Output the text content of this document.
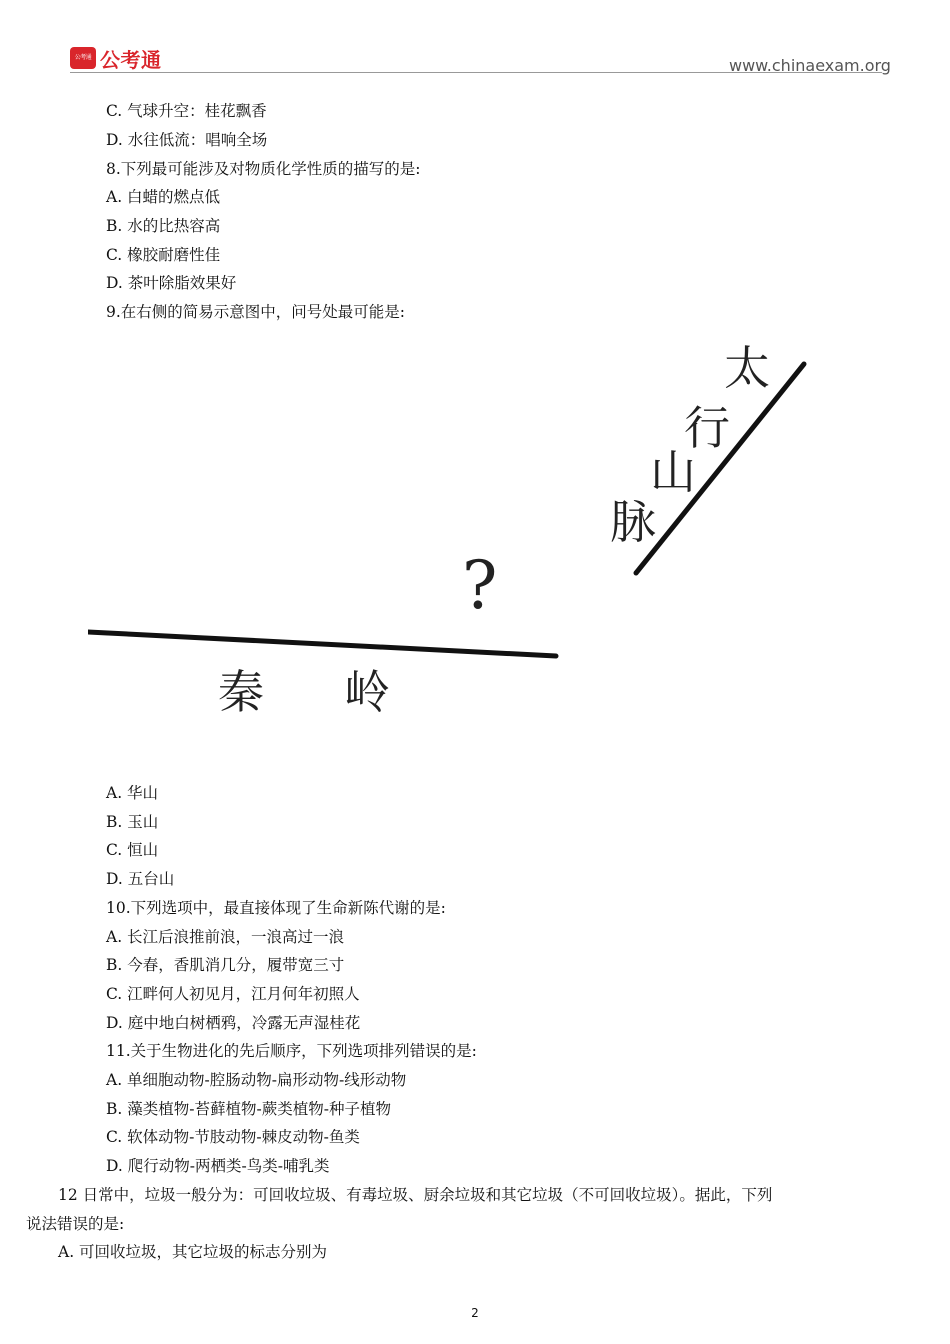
公考通 公考通	www.chinaexam.org
C. 气球升空：桂花飘香
D. 水往低流：唱响全场
8.下列最可能涉及对物质化学性质的描写的是:
A. 白蜡的燃点低
B. 水的比热容高
C. 橡胶耐磨性佳
D. 茶叶除脂效果好
9.在右侧的简易示意图中，问号处最可能是:
太
行
山
脉
秦 岭
?
A. 华山
B. 玉山
C. 恒山
D. 五台山
10.下列选项中，最直接体现了生命新陈代谢的是:
A. 长江后浪推前浪，一浪高过一浪
B. 今春，香肌消几分，履带宽三寸
C. 江畔何人初见月，江月何年初照人
D. 庭中地白树栖鸦，冷露无声湿桂花
11.关于生物进化的先后顺序，下列选项排列错误的是:
A. 单细胞动物-腔肠动物-扁形动物-线形动物
B. 藻类植物-苔藓植物-蕨类植物-种子植物
C. 软体动物-节肢动物-棘皮动物-鱼类
D. 爬行动物-两栖类-鸟类-哺乳类
12 日常中，垃圾一般分为：可回收垃圾、有毒垃圾、厨余垃圾和其它垃圾（不可回收垃圾）。据此，下列
说法错误的是:
A. 可回收垃圾，其它垃圾的标志分别为
2
